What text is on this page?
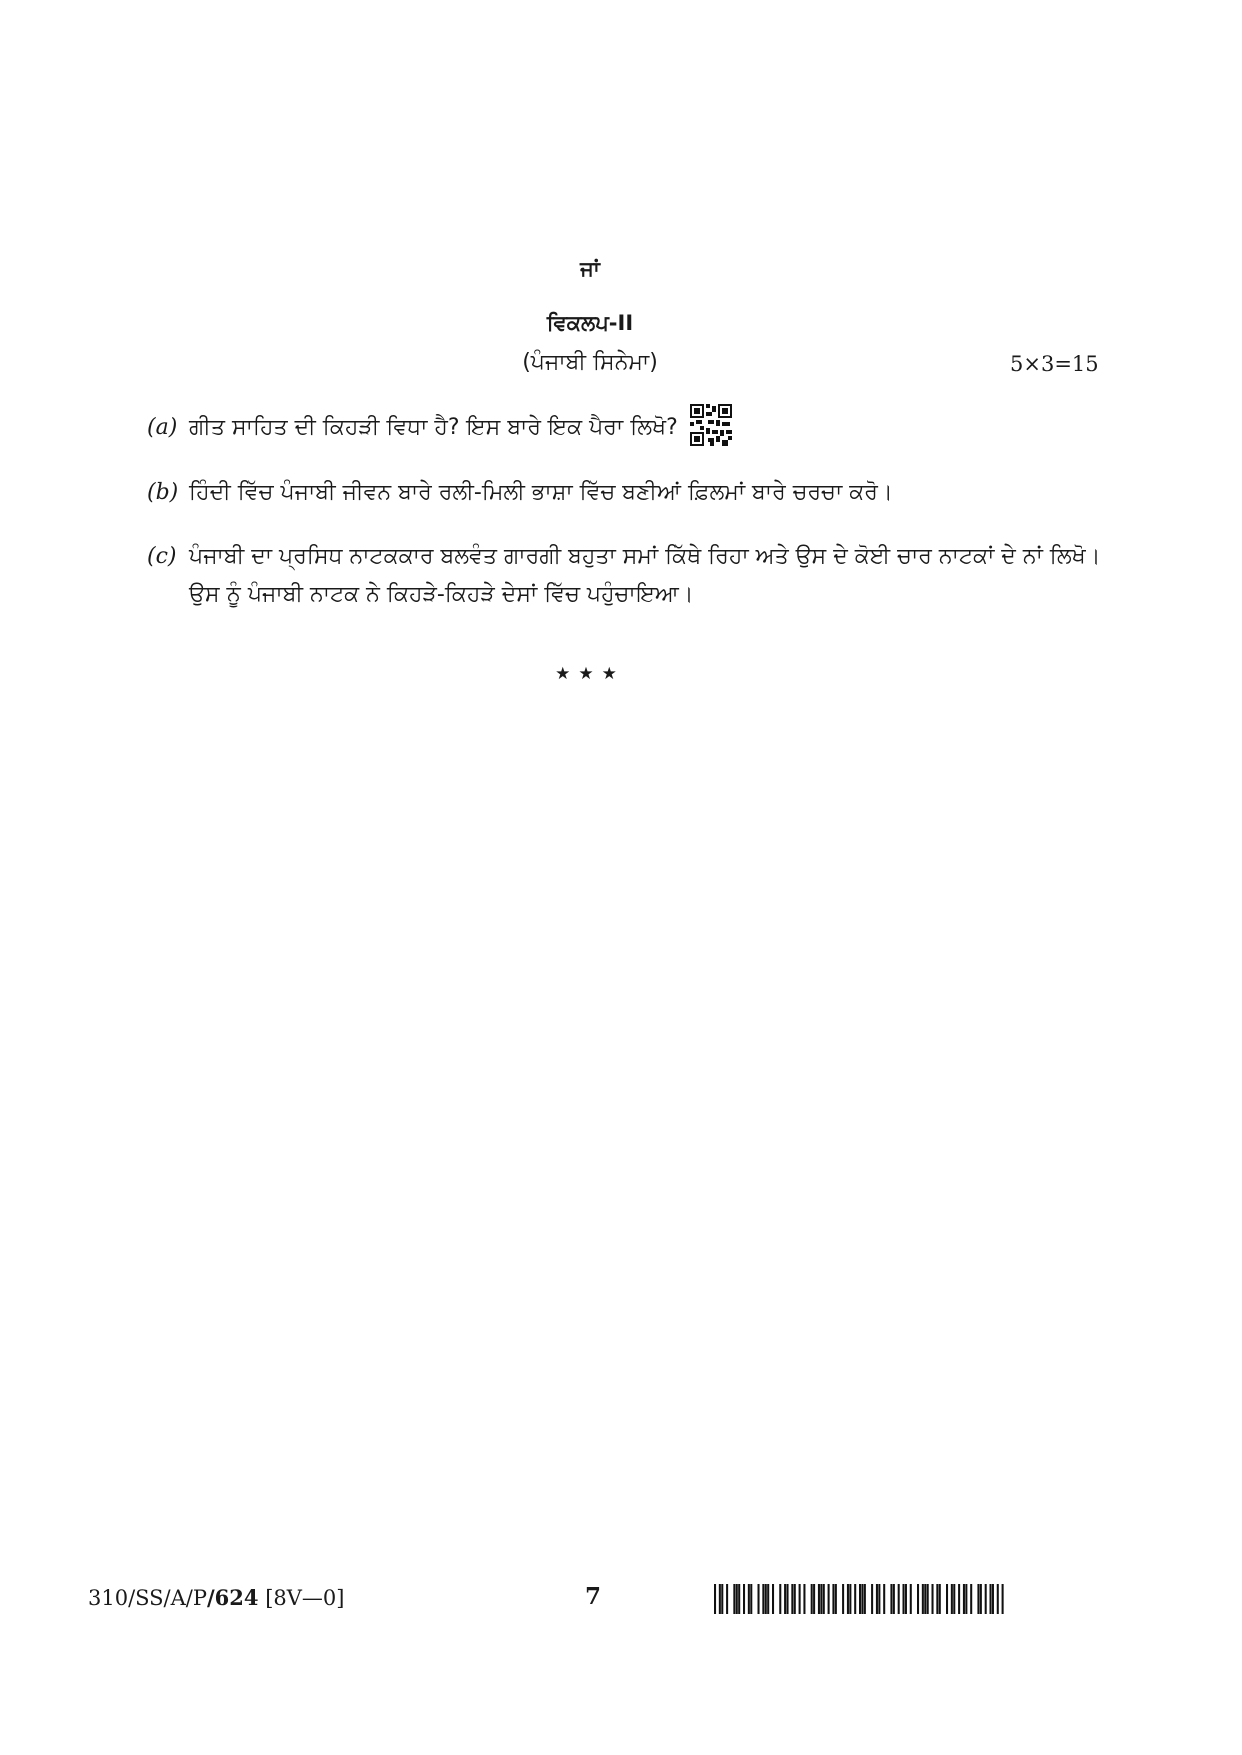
ਜਾਂ
ਵਿਕਲਪ-II
(ਪੰਜਾਬੀ ਸਿਨੇਮਾ)	5×3=15
(a) ਗੀਤ ਸਾਹਿਤ ਦੀ ਕਿਹੜੀ ਵਿਧਾ ਹੈ? ਇਸ ਬਾਰੇ ਇਕ ਪੈਰਾ ਲਿਖੋ?
(b) ਹਿੰਦੀ ਵਿੱਚ ਪੰਜਾਬੀ ਜੀਵਨ ਬਾਰੇ ਰਲੀ-ਮਿਲੀ ਭਾਸ਼ਾ ਵਿੱਚ ਬਣੀਆਂ ਫ਼ਿਲਮਾਂ ਬਾਰੇ ਚਰਚਾ ਕਰੋ।
(c) ਪੰਜਾਬੀ ਦਾ ਪ੍ਰਸਿਧ ਨਾਟਕਕਾਰ ਬਲਵੰਤ ਗਾਰਗੀ ਬਹੁਤਾ ਸਮਾਂ ਕਿੱਥੇ ਰਿਹਾ ਅਤੇ ਉਸ ਦੇ ਕੋਈ ਚਾਰ ਨਾਟਕਾਂ ਦੇ ਨਾਂ ਲਿਖੋ। ਉਸ ਨੂੰ ਪੰਜਾਬੀ ਨਾਟਕ ਨੇ ਕਿਹੜੇ-ਕਿਹੜੇ ਦੇਸਾਂ ਵਿੱਚ ਪਹੁੰਚਾਇਆ।
★★★
310/SS/A/P/624 [8V—0]	7
